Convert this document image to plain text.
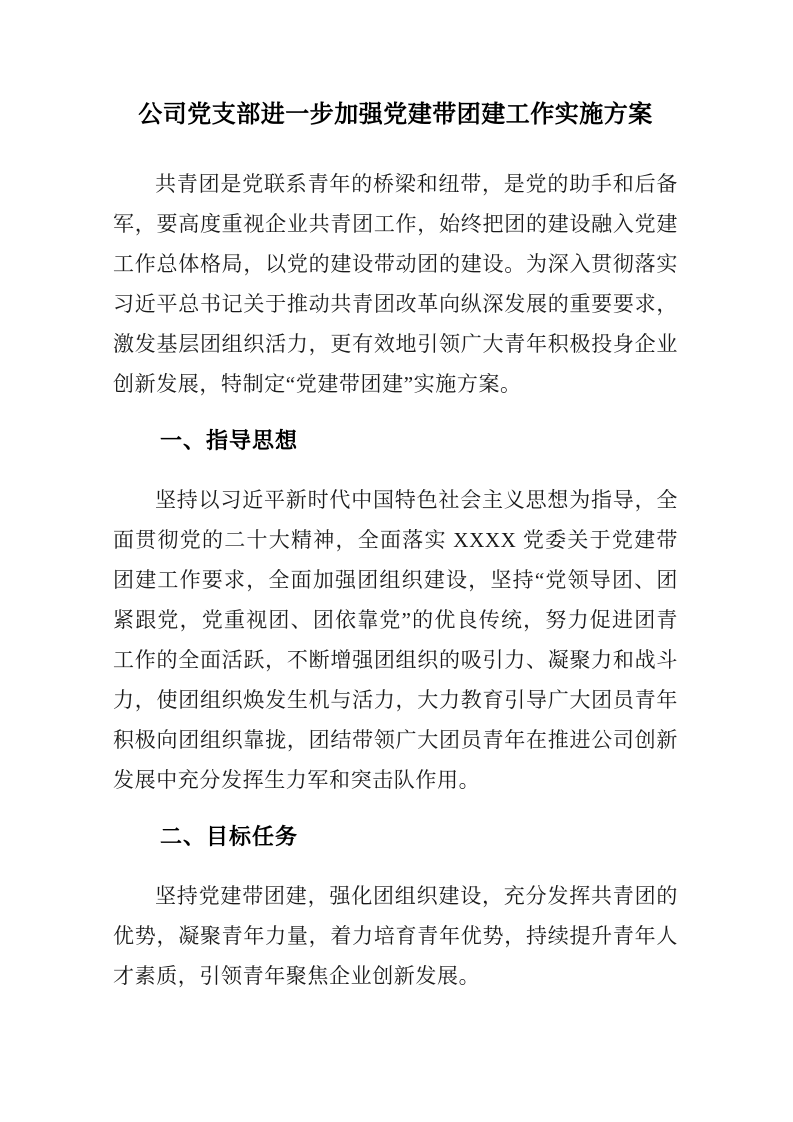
公司党支部进一步加强党建带团建工作实施方案

共青团是党联系青年的桥梁和纽带，是党的助手和后备军，要高度重视企业共青团工作，始终把团的建设融入党建工作总体格局，以党的建设带动团的建设。为深入贯彻落实习近平总书记关于推动共青团改革向纵深发展的重要要求，激发基层团组织活力，更有效地引领广大青年积极投身企业创新发展，特制定“党建带团建”实施方案。

一、指导思想

坚持以习近平新时代中国特色社会主义思想为指导，全面贯彻党的二十大精神，全面落实 XXXX 党委关于党建带团建工作要求，全面加强团组织建设，坚持“党领导团、团紧跟党，党重视团、团依靠党”的优良传统，努力促进团青工作的全面活跃，不断增强团组织的吸引力、凝聚力和战斗力，使团组织焕发生机与活力，大力教育引导广大团员青年积极向团组织靠拢，团结带领广大团员青年在推进公司创新发展中充分发挥生力军和突击队作用。

二、目标任务

坚持党建带团建，强化团组织建设，充分发挥共青团的优势，凝聚青年力量，着力培育青年优势，持续提升青年人才素质，引领青年聚焦企业创新发展。
